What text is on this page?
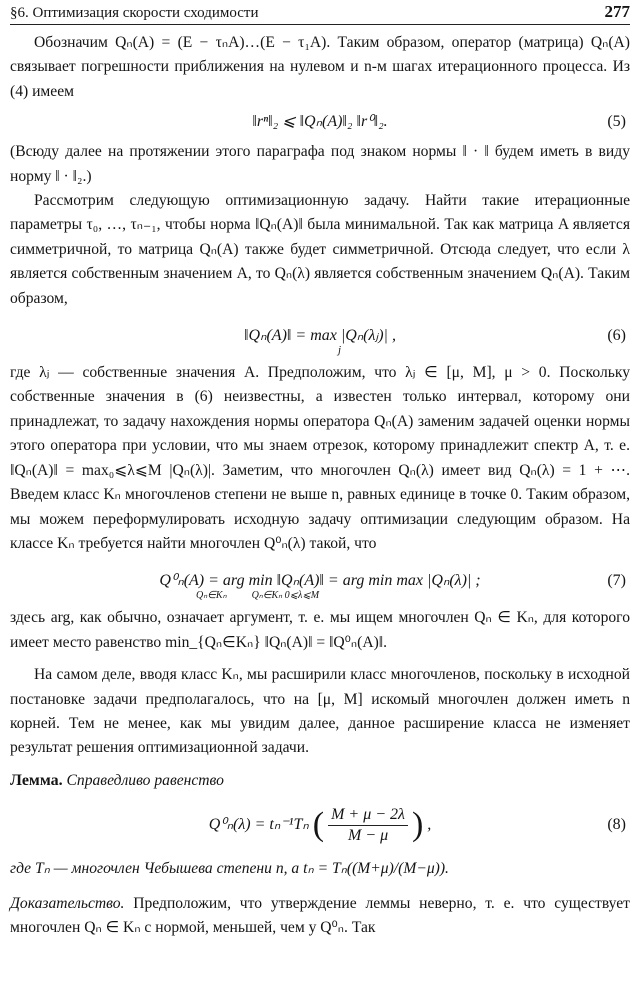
§6. Оптимизация скорости сходимости	277

Обозначим Qₙ(A) = (E − τₙA)…(E − τ₁A). Таким образом, оператор (матрица) Qₙ(A) связывает погрешности приближения на нулевом и n-м шагах итерационного процесса. Из (4) имеем

‖rⁿ‖₂ ⩽ ‖Qₙ(A)‖₂ ‖r⁰‖₂.	(5)

(Всюду далее на протяжении этого параграфа под знаком нормы ‖ · ‖ будем иметь в виду норму ‖ · ‖₂.)

Рассмотрим следующую оптимизационную задачу. Найти такие итерационные параметры τ₀, …, τₙ₋₁, чтобы норма ‖Qₙ(A)‖ была минимальной. Так как матрица A является симметричной, то матрица Qₙ(A) также будет симметричной. Отсюда следует, что если λ является собственным значением A, то Qₙ(λ) является собственным значением Qₙ(A). Таким образом,

‖Qₙ(A)‖ = max |Qₙ(λⱼ)| ,
j
(6)

где λⱼ — собственные значения A. Предположим, что λⱼ ∈ [μ, M], μ > 0. Поскольку собственные значения в (6) неизвестны, а известен только интервал, которому они принадлежат, то задачу нахождения нормы оператора Qₙ(A) заменим задачей оценки нормы этого оператора при условии, что мы знаем отрезок, которому принадлежит спектр A, т. е. ‖Qₙ(A)‖ = max₀⩽λ⩽M |Qₙ(λ)|. Заметим, что многочлен Qₙ(λ) имеет вид Qₙ(λ) = 1 + ⋯. Введем класс Kₙ многочленов степени не выше n, равных единице в точке 0. Таким образом, мы можем переформулировать исходную задачу оптимизации следующим образом. На классе Kₙ требуется найти многочлен Q⁰ₙ(λ) такой, что

Q⁰ₙ(A) = arg min ‖Qₙ(A)‖ = arg min max |Qₙ(λ)| ;
Qₙ∈Kₙ          Qₙ∈Kₙ 0⩽λ⩽M
(7)

здесь arg, как обычно, означает аргумент, т. е. мы ищем многочлен Qₙ ∈ Kₙ, для которого имеет место равенство min_{Qₙ∈Kₙ} ‖Qₙ(A)‖ = ‖Q⁰ₙ(A)‖.

На самом деле, вводя класс Kₙ, мы расширили класс многочленов, поскольку в исходной постановке задачи предполагалось, что на [μ, M] искомый многочлен должен иметь n корней. Тем не менее, как мы увидим далее, данное расширение класса не изменяет результат решения оптимизационной задачи.

Лемма. Справедливо равенство

Q⁰ₙ(λ) = tₙ⁻¹Tₙ ( $\frac{M + \mu - 2\lambda}{M - \mu}$ ) ,	(8)

где Tₙ — многочлен Чебышева степени n, а tₙ = Tₙ((M+μ)/(M−μ)).

Доказательство. Предположим, что утверждение леммы неверно, т. е. что существует многочлен Qₙ ∈ Kₙ с нормой, меньшей, чем у Q⁰ₙ. Так
